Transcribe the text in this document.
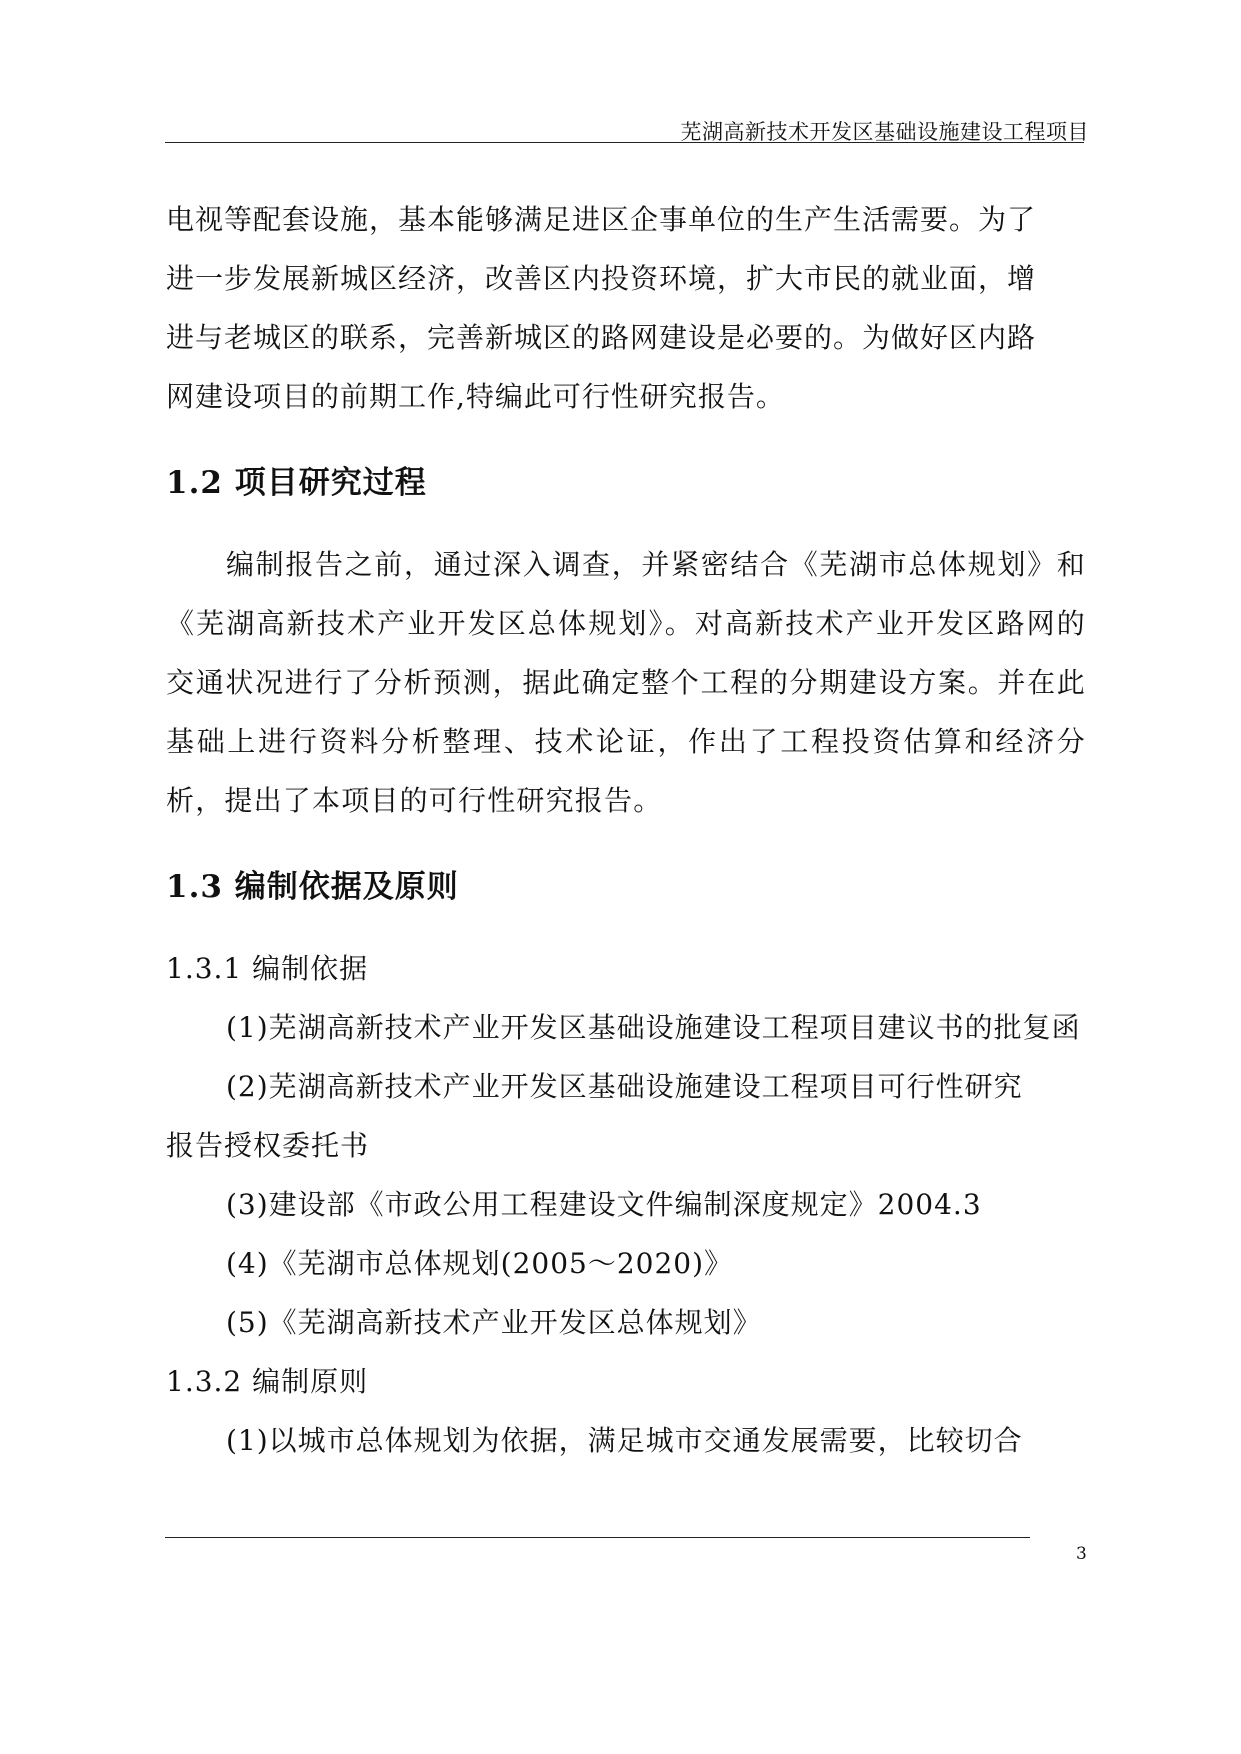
芜湖高新技术开发区基础设施建设工程项目

电视等配套设施，基本能够满足进区企事单位的生产生活需要。为了

进一步发展新城区经济，改善区内投资环境，扩大市民的就业面，增

进与老城区的联系，完善新城区的路网建设是必要的。为做好区内路

网建设项目的前期工作,特编此可行性研究报告。

1.2 项目研究过程

编制报告之前，通过深入调查，并紧密结合《芜湖市总体规划》和《芜湖高新技术产业开发区总体规划》。对高新技术产业开发区路网的交通状况进行了分析预测，据此确定整个工程的分期建设方案。并在此基础上进行资料分析整理、技术论证，作出了工程投资估算和经济分析，提出了本项目的可行性研究报告。

1.3 编制依据及原则

1.3.1 编制依据

(1)芜湖高新技术产业开发区基础设施建设工程项目建议书的批复函

(2)芜湖高新技术产业开发区基础设施建设工程项目可行性研究

报告授权委托书

(3)建设部《市政公用工程建设文件编制深度规定》2004.3

(4)《芜湖市总体规划(2005～2020)》

(5)《芜湖高新技术产业开发区总体规划》

1.3.2 编制原则

(1)以城市总体规划为依据，满足城市交通发展需要，比较切合

3
